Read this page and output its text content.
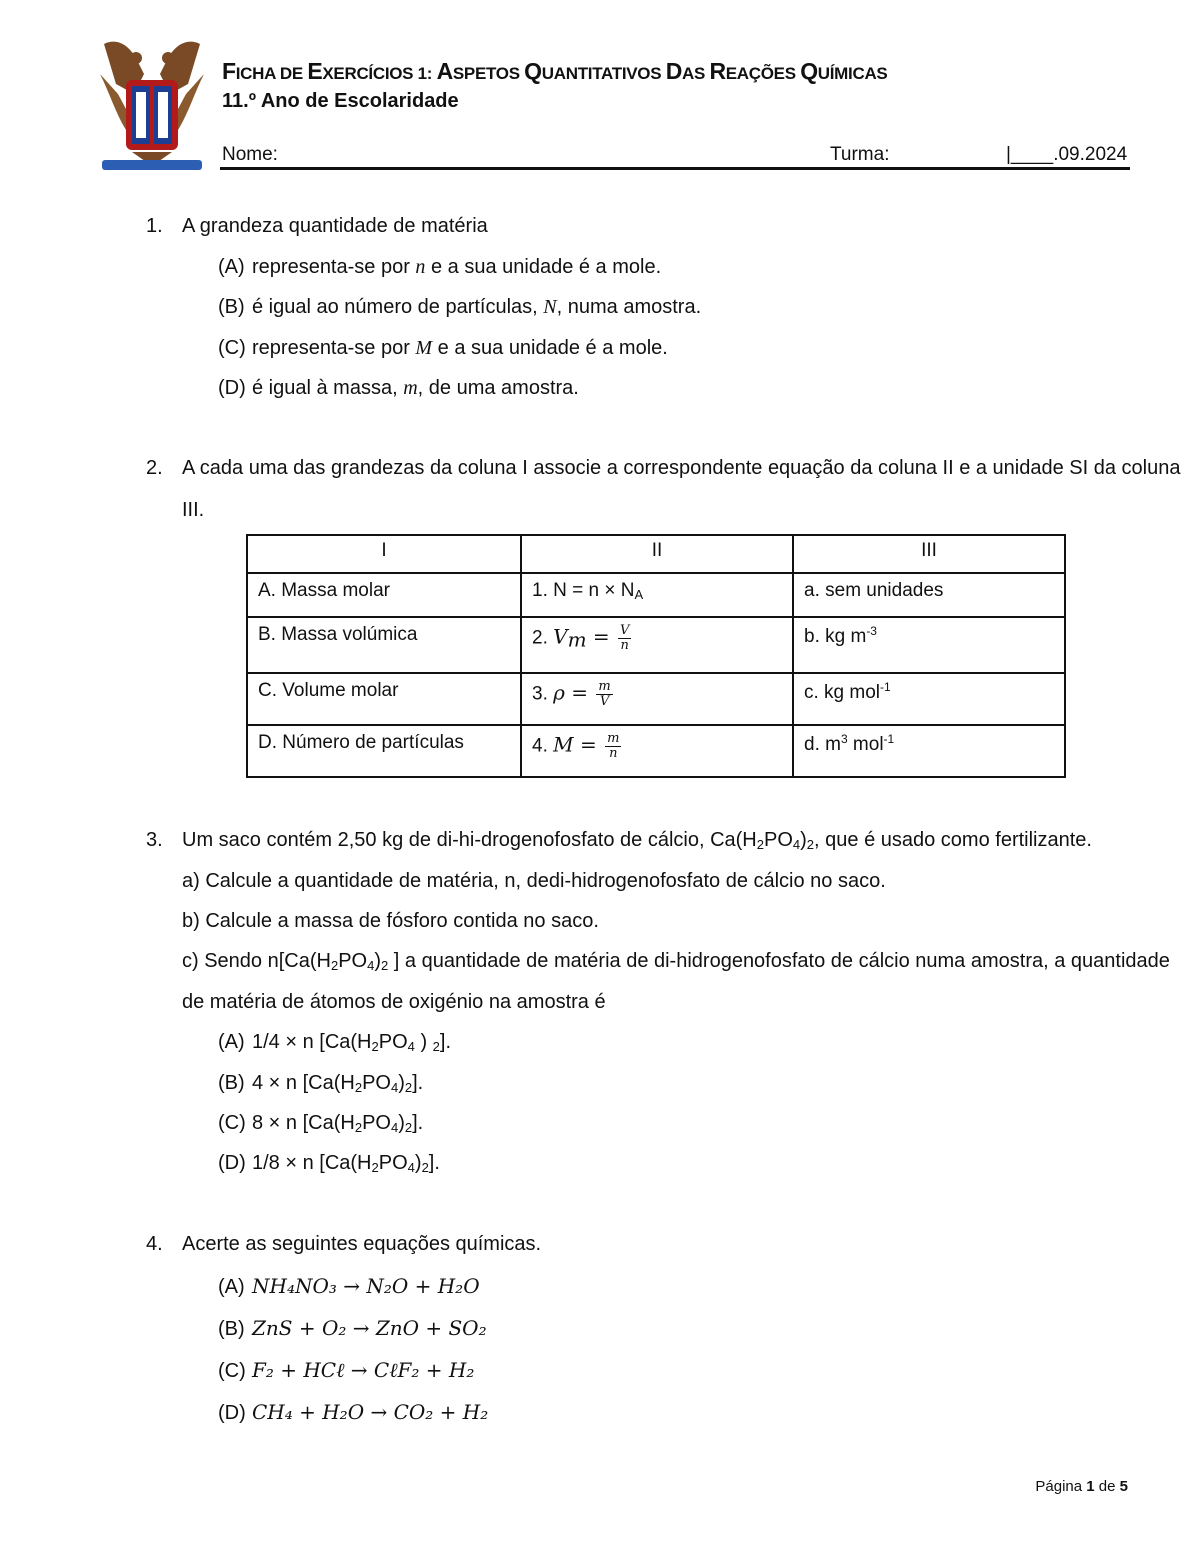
FICHA DE EXERCÍCIOS 1: ASPETOS QUANTITATIVOS DAS REAÇÕES QUÍMICAS
11.º Ano de Escolaridade
Nome:	Turma:	|____.09.2024
1. A grandeza quantidade de matéria
(A) representa-se por n e a sua unidade é a mole.
(B) é igual ao número de partículas, N, numa amostra.
(C) representa-se por M e a sua unidade é a mole.
(D) é igual à massa, m, de uma amostra.
2. A cada uma das grandezas da coluna I associe a correspondente equação da coluna II e a unidade SI da coluna
III.
I	II	III
A. Massa molar	1. $N = n \times N_A$	a. sem unidades
B. Massa volúmica	2. $V_m = \frac{V}{n}$	b. kg $m^{-3}$
C. Volume molar	3. $\rho = \frac{m}{V}$	c. kg mol$^{-1}$
D. Número de partículas	4. $M = \frac{m}{n}$	d. $m^3$ mol$^{-1}$
3. Um saco contém 2,50 kg de di-hi-drogenofosfato de cálcio, $Ca(H_2PO_4)_2$, que é usado como fertilizante.
a) Calcule a quantidade de matéria, n, dedi-hidrogenofosfato de cálcio no saco.
b) Calcule a massa de fósforo contida no saco.
c) Sendo $n[Ca(H_2PO_4)_2$ ] a quantidade de matéria de di-hidrogenofosfato de cálcio numa amostra, a quantidade
de matéria de átomos de oxigénio na amostra é
(A) 1/4 × n [$Ca(H_2PO_4$ ) $_2$].
(B) 4 × n $[Ca(H_2PO_4)_2]$.
(C) 8 × n $[Ca(H_2PO_4)_2]$.
(D) 1/8 × n $[Ca(H_2PO_4)_2]$.
4. Acerte as seguintes equações químicas.
(A) NH₄NO₃ → N₂O + H₂O
(B) ZnS + O₂ → ZnO + SO₂
(C) F₂ + HCℓ → CℓF₂ + H₂
(D) CH₄ + H₂O → CO₂ + H₂
Página 1 de 5
